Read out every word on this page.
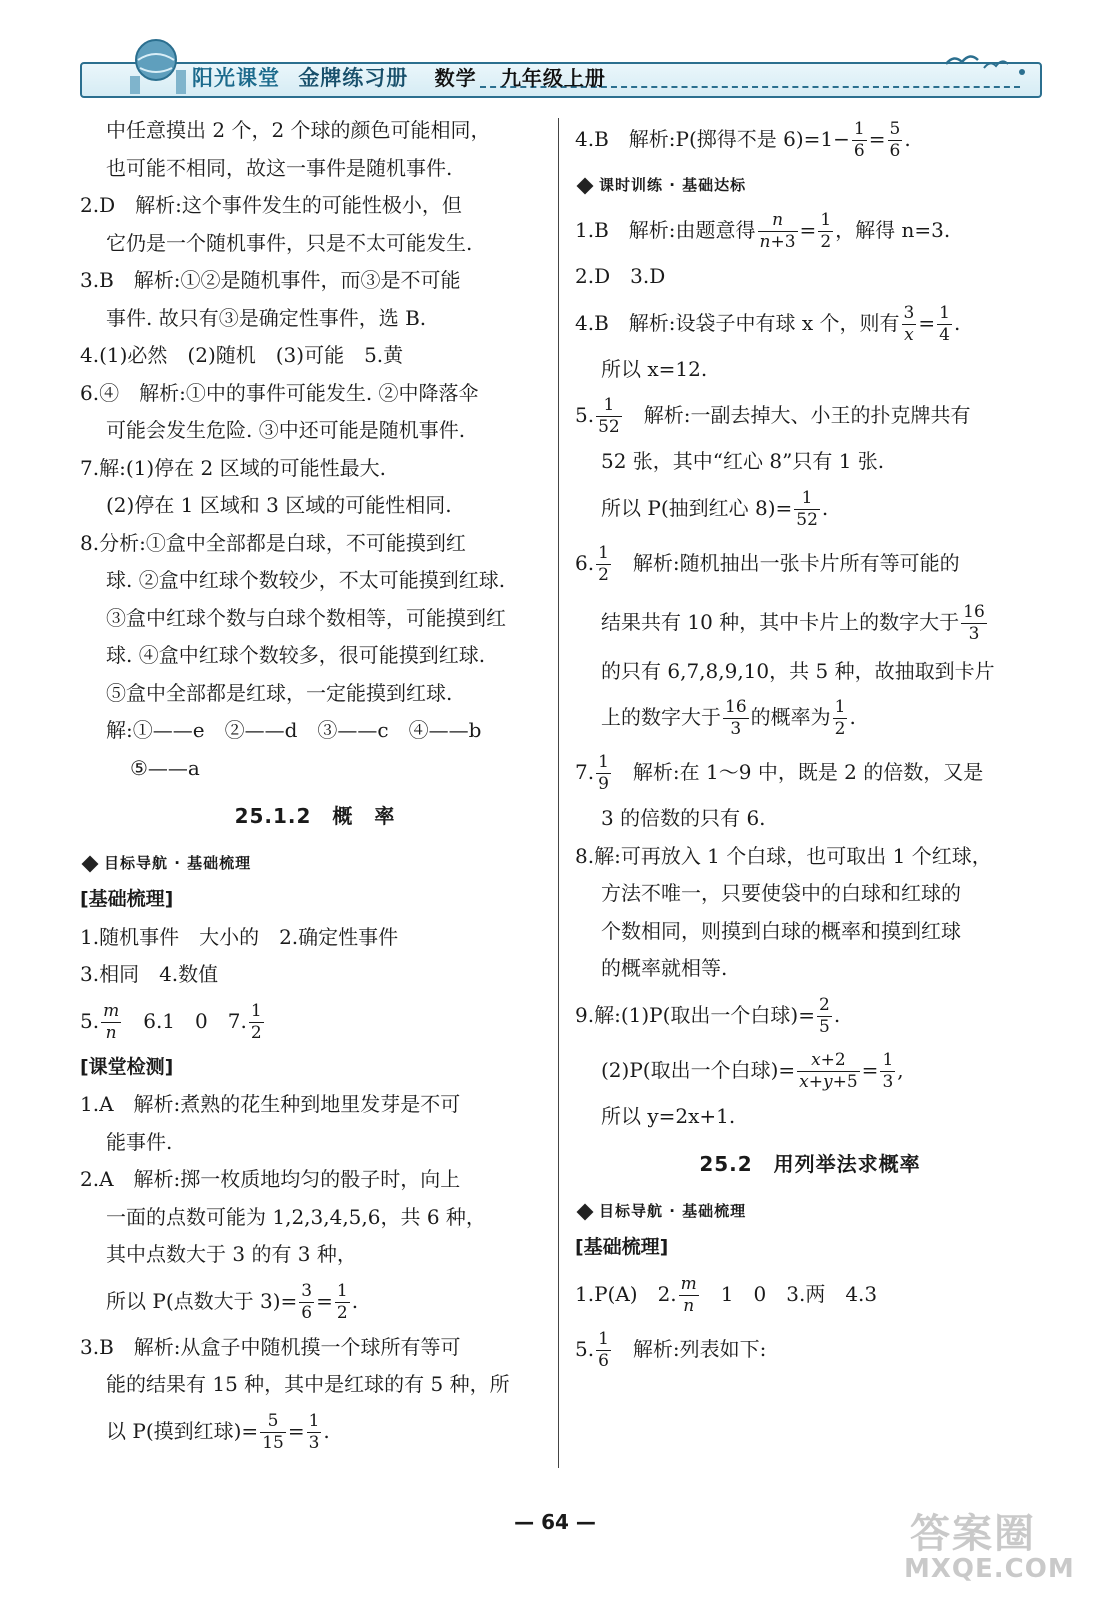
阳光课堂 金牌练习册 数学 九年级上册
中任意摸出 2 个，2 个球的颜色可能相同，
也可能不相同，故这一事件是随机事件.
2.D　解析:这个事件发生的可能性极小，但
它仍是一个随机事件，只是不太可能发生.
3.B　解析:①②是随机事件，而③是不可能
事件. 故只有③是确定性事件，选 B.
4.(1)必然　(2)随机　(3)可能　5.黄
6.④　解析:①中的事件可能发生. ②中降落伞
可能会发生危险. ③中还可能是随机事件.
7.解:(1)停在 2 区域的可能性最大.
(2)停在 1 区域和 3 区域的可能性相同.
8.分析:①盒中全部都是白球，不可能摸到红
球. ②盒中红球个数较少，不太可能摸到红球.
③盒中红球个数与白球个数相等，可能摸到红
球. ④盒中红球个数较多，很可能摸到红球.
⑤盒中全部都是红球，一定能摸到红球.
解:①——e　②——d　③——c　④——b
⑤——a
25.1.2　概　率
目标导航 · 基础梳理
[基础梳理]
1.随机事件　大小的　2.确定性事件
3.相同　4.数值
5. $\frac{m}{n}$
　 6.1　0　7. $\frac{1}{2}$
[课堂检测]
1.A　解析:煮熟的花生种到地里发芽是不可
能事件.
2.A　解析:掷一枚质地均匀的骰子时，向上
一面的点数可能为 1,2,3,4,5,6，共 6 种，
其中点数大于 3 的有 3 种，
所以 P(点数大于 $3)= \frac{3}{6} = \frac{1}{2}$ .
3.B　解析:从盒子中随机摸一个球所有等可
能的结果有 15 种，其中是红球的有 5 种，所
以 P(摸到红球)= $\frac{5}{15} = \frac{1}{3}$ .
4.B　解析:P(掷得不是 $6)=1- \frac{1}{6} = \frac{5}{6}$ .
课时训练 · 基础达标
1.B　解析:由题意得 $\frac{n}{n+3} = \frac{1}{2}$ ，解得 n=3.
2.D　3.D
4.B　解析:设袋子中有球 x 个，则有 $\frac{3}{x} = \frac{1}{4}$ .
所以 x=12.
5. $\frac{1}{52}$ 　解析:一副去掉大、小王的扑克牌共有
52 张，其中“红心 8”只有 1 张.
所以 P(抽到红心 $8)= \frac{1}{52}$ .
6. $\frac{1}{2}$ 　解析:随机抽出一张卡片所有等可能的
结果共有 10 种，其中卡片上的数字大于 $\frac{16}{3}$
的只有 6,7,8,9,10，共 5 种，故抽取到卡片
上的数字大于 $\frac{16}{3}$ 的概率为 $\frac{1}{2}$ .
7. $\frac{1}{9}$ 　解析:在 1～9 中，既是 2 的倍数，又是
3 的倍数的只有 6.
8.解:可再放入 1 个白球，也可取出 1 个红球，
方法不唯一，只要使袋中的白球和红球的
个数相同，则摸到白球的概率和摸到红球
的概率就相等.
9.解:(1)P(取出一个白球)= $\frac{2}{5}$ .
(2)P(取出一个白球)= $\frac{x+2}{x+y+5} = \frac{1}{3}$ ,
所以 y=2x+1.
25.2　用列举法求概率
目标导航 · 基础梳理
[基础梳理]
1.P(A)　2. $\frac{m}{n}$ 　1　0　3.两　4.3
5. $\frac{1}{6}$ 　解析:列表如下:
— 64 —	答案圈
MXQE.COM
